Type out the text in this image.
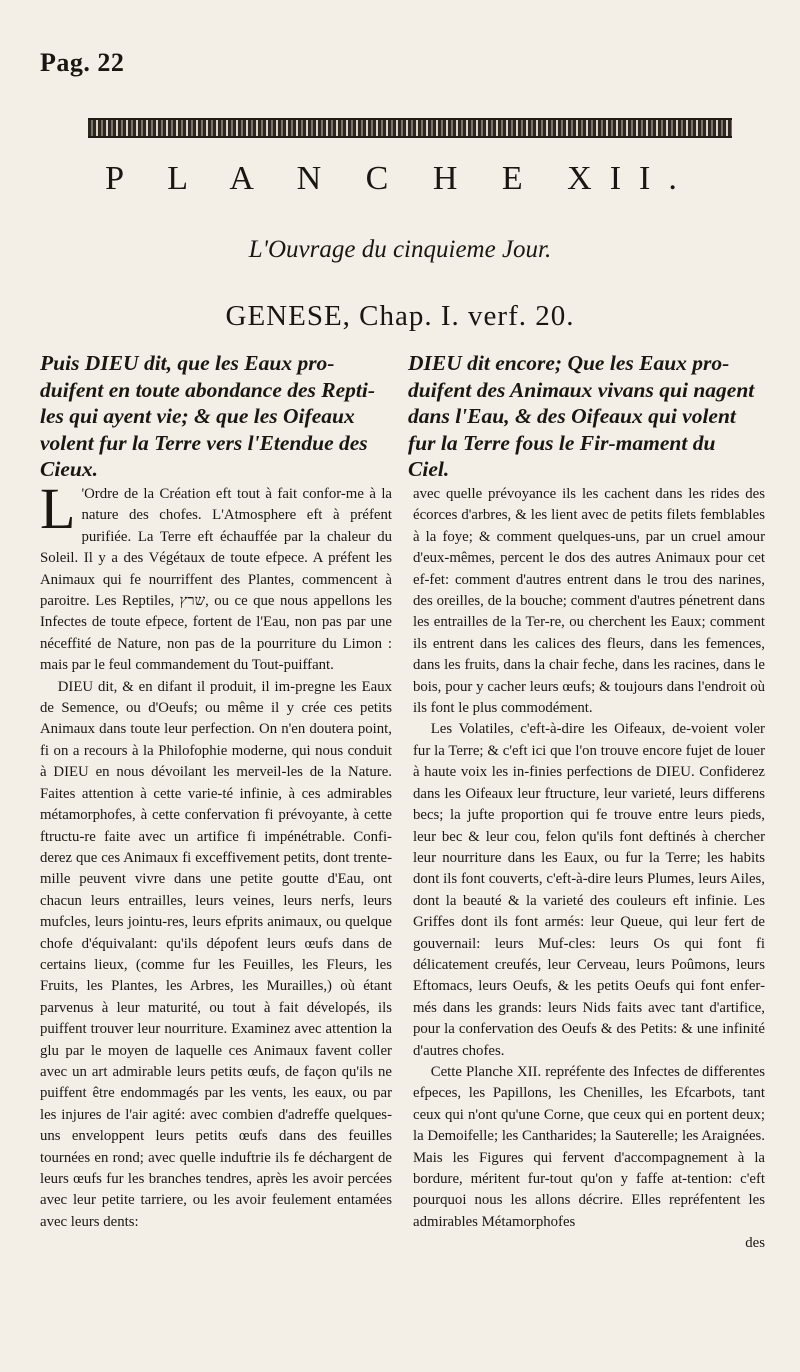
Pag. 22
P L A N C H E XII.
L'Ouvrage du cinquieme Jour.
GENESE, Chap. I. verf. 20.
Puis DIEU dit, que les Eaux pro-duifent en toute abondance des Repti-les qui ayent vie; & que les Oifeaux volent fur la Terre vers l'Etendue des Cieux.
DIEU dit encore; Que les Eaux pro-duifent des Animaux vivans qui nagent dans l'Eau, & des Oifeaux qui volent fur la Terre fous le Fir-mament du Ciel.

L 'Ordre de la Création eft tout à fait confor-me à la nature des chofes. L'Atmosphere eft à préfent purifiée. La Terre eft échauffée par la chaleur du Soleil. Il y a des Végétaux de toute efpece. A préfent les Animaux qui fe nourriffent des Plantes, commencent à paroitre. Les Reptiles, שרץ, ou ce que nous appellons les Infectes de toute efpece, fortent de l'Eau, non pas par une néceffité de Nature, non pas de la pourriture du Limon : mais par le feul commandement du Tout-puiffant.

DIEU dit, & en difant il produit, il im-pregne les Eaux de Semence, ou d'Oeufs; ou même il y crée ces petits Animaux dans toute leur perfection. On n'en doutera point, fi on a recours à la Philofophie moderne, qui nous conduit à DIEU en nous dévoilant les merveil-les de la Nature. Faites attention à cette varie-té infinie, à ces admirables métamorphofes, à cette confervation fi prévoyante, à cette ftructu-re faite avec un artifice fi impénétrable. Confi-derez que ces Animaux fi exceffivement petits, dont trente-mille peuvent vivre dans une petite goutte d'Eau, ont chacun leurs entrailles, leurs veines, leurs nerfs, leurs mufcles, leurs jointu-res, leurs efprits animaux, ou quelque chofe d'équivalant: qu'ils dépofent leurs œufs dans de certains lieux, (comme fur les Feuilles, les Fleurs, les Fruits, les Plantes, les Arbres, les Murailles,) où étant parvenus à leur maturité, ou tout à fait dévelopés, ils puiffent trouver leur nourriture. Examinez avec attention la glu par le moyen de laquelle ces Animaux favent coller avec un art admirable leurs petits œufs, de façon qu'ils ne puiffent être endommagés par les vents, les eaux, ou par les injures de l'air agité: avec combien d'adreffe quelques-uns enveloppent leurs petits œufs dans des feuilles tournées en rond; avec quelle induftrie ils fe déchargent de leurs œufs fur les branches tendres, après les avoir percées avec leur petite tarriere, ou les avoir feulement entamées avec leurs dents:

avec quelle prévoyance ils les cachent dans les rides des écorces d'arbres, & les lient avec de petits filets femblables à la foye; & comment quelques-uns, par un cruel amour d'eux-mêmes, percent le dos des autres Animaux pour cet ef-fet: comment d'autres entrent dans le trou des narines, des oreilles, de la bouche; comment d'autres pénetrent dans les entrailles de la Ter-re, ou cherchent les Eaux; comment ils entrent dans les calices des fleurs, dans les femences, dans les fruits, dans la chair feche, dans les racines, dans le bois, pour y cacher leurs œufs; & toujours dans l'endroit où ils font le plus commodément.

Les Volatiles, c'eft-à-dire les Oifeaux, de-voient voler fur la Terre; & c'eft ici que l'on trouve encore fujet de louer à haute voix les in-finies perfections de DIEU. Confiderez dans les Oifeaux leur ftructure, leur varieté, leurs differens becs; la jufte proportion qui fe trouve entre leurs pieds, leur bec & leur cou, felon qu'ils font deftinés à chercher leur nourriture dans les Eaux, ou fur la Terre; les habits dont ils font couverts, c'eft-à-dire leurs Plumes, leurs Ailes, dont la beauté & la varieté des couleurs eft infinie. Les Griffes dont ils font armés: leur Queue, qui leur fert de gouvernail: leurs Muf-cles: leurs Os qui font fi délicatement creufés, leur Cerveau, leurs Poûmons, leurs Eftomacs, leurs Oeufs, & les petits Oeufs qui font enfer-més dans les grands: leurs Nids faits avec tant d'artifice, pour la confervation des Oeufs & des Petits: & une infinité d'autres chofes.

Cette Planche XII. repréfente des Infectes de differentes efpeces, les Papillons, les Chenilles, les Efcarbots, tant ceux qui n'ont qu'une Corne, que ceux qui en portent deux; la Demoifelle; les Cantharides; la Sauterelle; les Araignées. Mais les Figures qui fervent d'accompagnement à la bordure, méritent fur-tout qu'on y faffe at-tention: c'eft pourquoi nous les allons décrire. Elles repréfentent les admirables Métamorphofes

des
